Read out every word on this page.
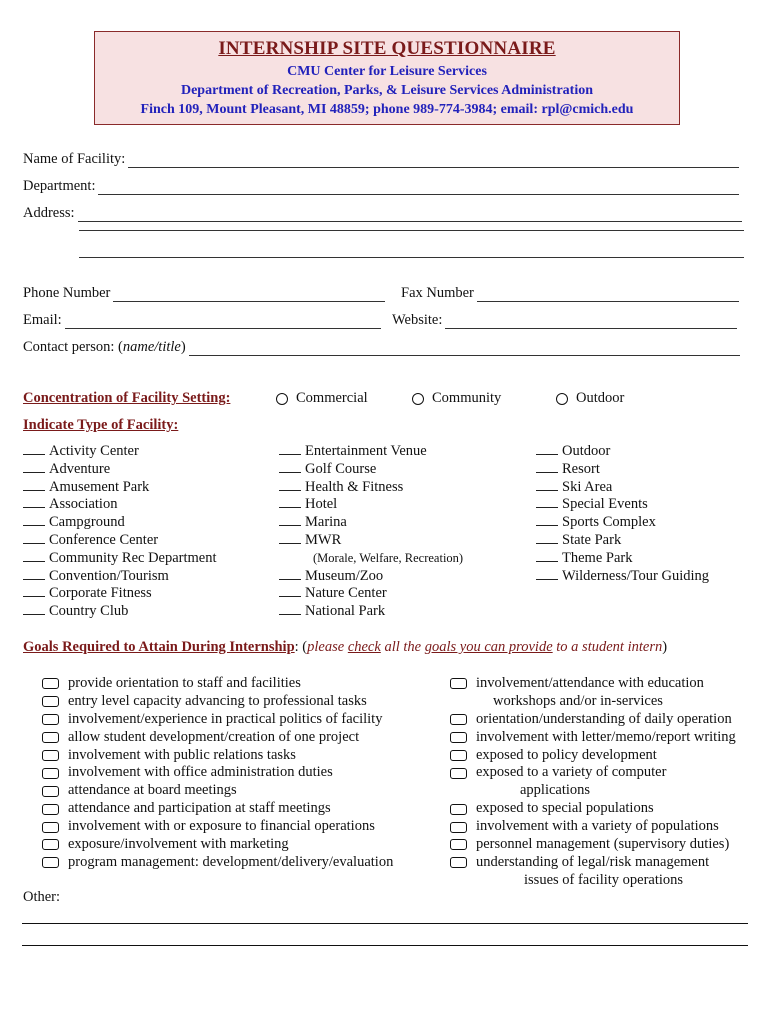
INTERNSHIP SITE QUESTIONNAIRE
CMU Center for Leisure Services
Department of Recreation, Parks, & Leisure Services Administration
Finch 109, Mount Pleasant, MI 48859; phone 989-774-3984; email: rpl@cmich.edu
Name of Facility:
Department:
Address:
Phone Number	Fax Number
Email:	Website:
Contact person: (name/title)
Concentration of Facility Setting:	Commercial	Community	Outdoor
Indicate Type of Facility:
Activity Center
Adventure
Amusement Park
Association
Campground
Conference Center
Community Rec Department
Convention/Tourism
Corporate Fitness
Country Club
Entertainment Venue
Golf Course
Health & Fitness
Hotel
Marina
MWR
(Morale, Welfare, Recreation)
Museum/Zoo
Nature Center
National Park
Outdoor
Resort
Ski Area
Special Events
Sports Complex
State Park
Theme Park
Wilderness/Tour Guiding
Goals Required to Attain During Internship: (please check all the goals you can provide to a student intern)
provide orientation to staff and facilities
entry level capacity advancing to professional tasks
involvement/experience in practical politics of facility
allow student development/creation of one project
involvement with public relations tasks
involvement with office administration duties
attendance at board meetings
attendance and participation at staff meetings
involvement with or exposure to financial operations
exposure/involvement with marketing
program management: development/delivery/evaluation
involvement/attendance with education
workshops and/or in-services
orientation/understanding of daily operation
involvement with letter/memo/report writing
exposed to policy development
exposed to a variety of computer
applications
exposed to special populations
involvement with a variety of populations
personnel management (supervisory duties)
understanding of legal/risk management
issues of facility operations
Other:
